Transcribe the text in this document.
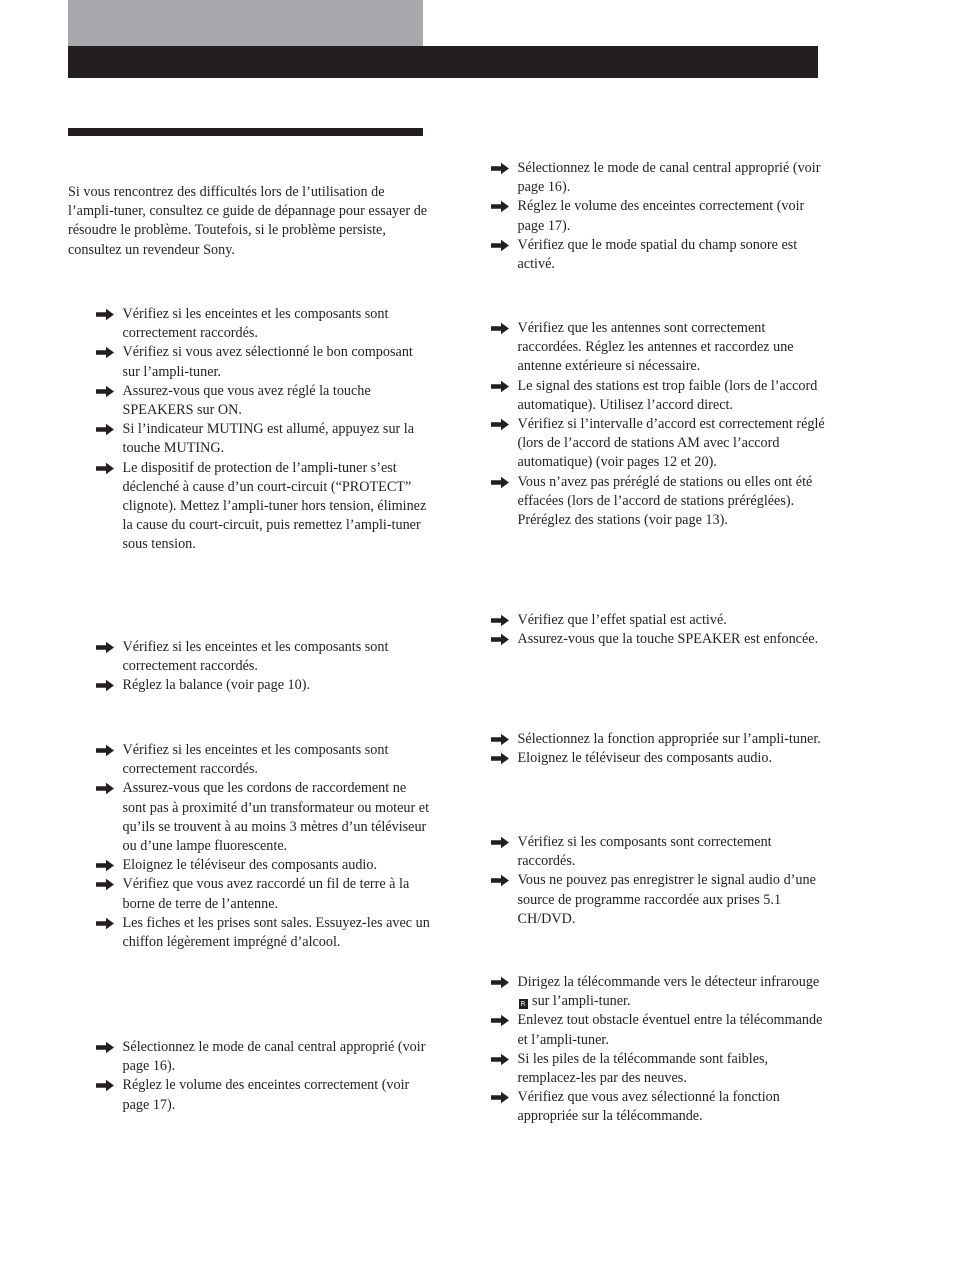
Si vous rencontrez des difficultés lors de l’utilisation de l’ampli-tuner, consultez ce guide de dépannage pour essayer de résoudre le problème. Toutefois, si le problème persiste, consultez un revendeur Sony.

Vérifiez si les enceintes et les composants sont correctement raccordés.
Vérifiez si vous avez sélectionné le bon composant sur l’ampli-tuner.
Assurez-vous que vous avez réglé la touche SPEAKERS sur ON.
Si l’indicateur MUTING est allumé, appuyez sur la touche MUTING.
Le dispositif de protection de l’ampli-tuner s’est déclenché à cause d’un court-circuit (“PROTECT” clignote). Mettez l’ampli-tuner hors tension, éliminez la cause du court-circuit, puis remettez l’ampli-tuner sous tension.
Vérifiez si les enceintes et les composants sont correctement raccordés.
Réglez la balance (voir page 10).
Vérifiez si les enceintes et les composants sont correctement raccordés.
Assurez-vous que les cordons de raccordement ne sont pas à proximité d’un transformateur ou moteur et qu’ils se trouvent à au moins 3 mètres d’un téléviseur ou d’une lampe fluorescente.
Eloignez le téléviseur des composants audio.
Vérifiez que vous avez raccordé un fil de terre à la borne de terre de l’antenne.
Les fiches et les prises sont sales. Essuyez-les avec un chiffon légèrement imprégné d’alcool.
Sélectionnez le mode de canal central approprié (voir page 16).
Réglez le volume des enceintes correctement (voir page 17).
Sélectionnez le mode de canal central approprié (voir page 16).
Réglez le volume des enceintes correctement (voir page 17).
Vérifiez que le mode spatial du champ sonore est activé.
Vérifiez que les antennes sont correctement raccordées. Réglez les antennes et raccordez une antenne extérieure si nécessaire.
Le signal des stations est trop faible (lors de l’accord automatique). Utilisez l’accord direct.
Vérifiez si l’intervalle d’accord est correctement réglé (lors de l’accord de stations AM avec l’accord automatique) (voir pages 12 et 20).
Vous n’avez pas préréglé de stations ou elles ont été effacées (lors de l’accord de stations préréglées). Préréglez des stations (voir page 13).
Vérifiez que l’effet spatial est activé.
Assurez-vous que la touche SPEAKER est enfoncée.
Sélectionnez la fonction appropriée sur l’ampli-tuner.
Eloignez le téléviseur des composants audio.
Vérifiez si les composants sont correctement raccordés.
Vous ne pouvez pas enregistrer le signal audio d’une source de programme raccordée aux prises 5.1 CH/DVD.
Dirigez la télécommande vers le détecteur infrarouge R sur l’ampli-tuner.
Enlevez tout obstacle éventuel entre la télécommande et l’ampli-tuner.
Si les piles de la télécommande sont faibles, remplacez-les par des neuves.
Vérifiez que vous avez sélectionné la fonction appropriée sur la télécommande.
